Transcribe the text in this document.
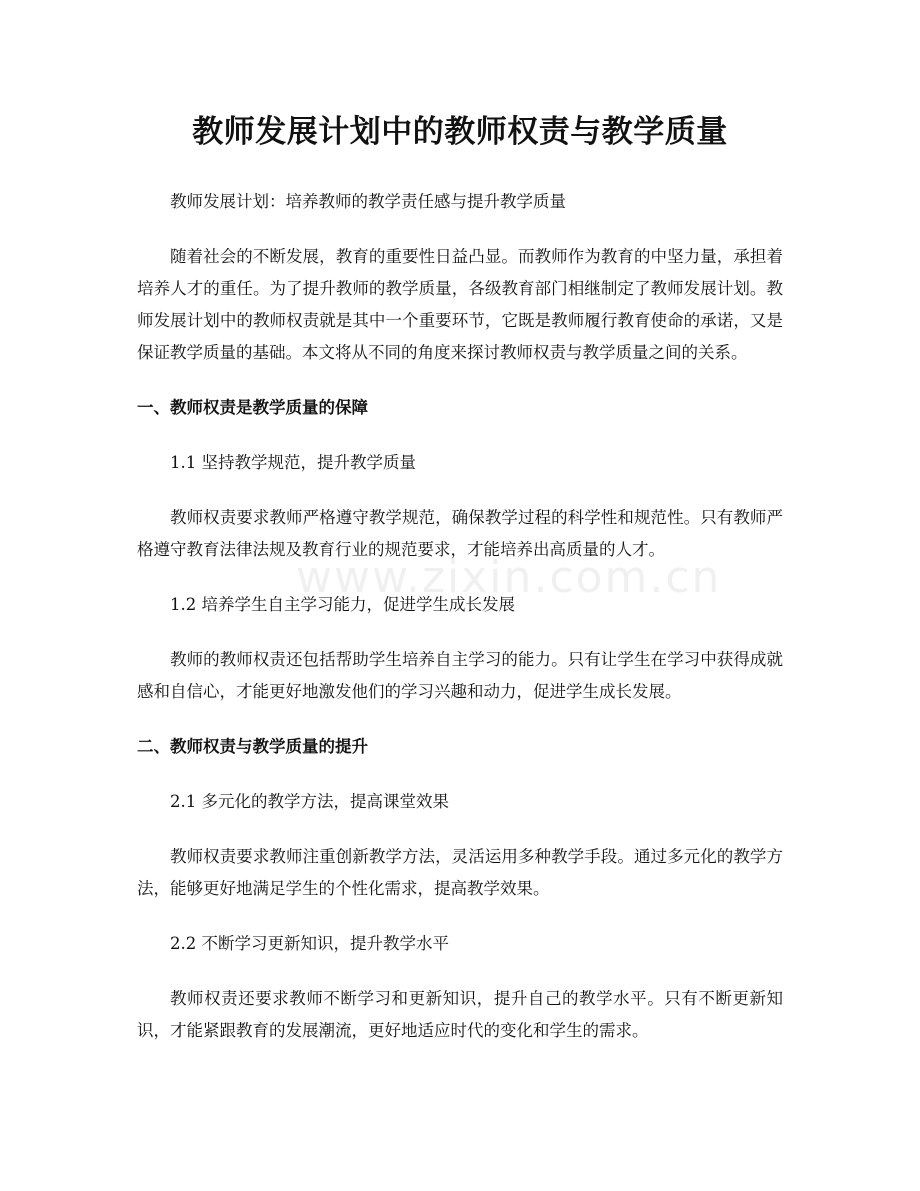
教师发展计划中的教师权责与教学质量

教师发展计划：培养教师的教学责任感与提升教学质量

随着社会的不断发展，教育的重要性日益凸显。而教师作为教育的中坚力量，承担着培养人才的重任。为了提升教师的教学质量，各级教育部门相继制定了教师发展计划。教师发展计划中的教师权责就是其中一个重要环节，它既是教师履行教育使命的承诺，又是保证教学质量的基础。本文将从不同的角度来探讨教师权责与教学质量之间的关系。

一、教师权责是教学质量的保障

1.1 坚持教学规范，提升教学质量

教师权责要求教师严格遵守教学规范，确保教学过程的科学性和规范性。只有教师严格遵守教育法律法规及教育行业的规范要求，才能培养出高质量的人才。

1.2 培养学生自主学习能力，促进学生成长发展

教师的教师权责还包括帮助学生培养自主学习的能力。只有让学生在学习中获得成就感和自信心，才能更好地激发他们的学习兴趣和动力，促进学生成长发展。

二、教师权责与教学质量的提升

2.1 多元化的教学方法，提高课堂效果

教师权责要求教师注重创新教学方法，灵活运用多种教学手段。通过多元化的教学方法，能够更好地满足学生的个性化需求，提高教学效果。

2.2 不断学习更新知识，提升教学水平

教师权责还要求教师不断学习和更新知识，提升自己的教学水平。只有不断更新知识，才能紧跟教育的发展潮流，更好地适应时代的变化和学生的需求。

www.zixin.com.cn
